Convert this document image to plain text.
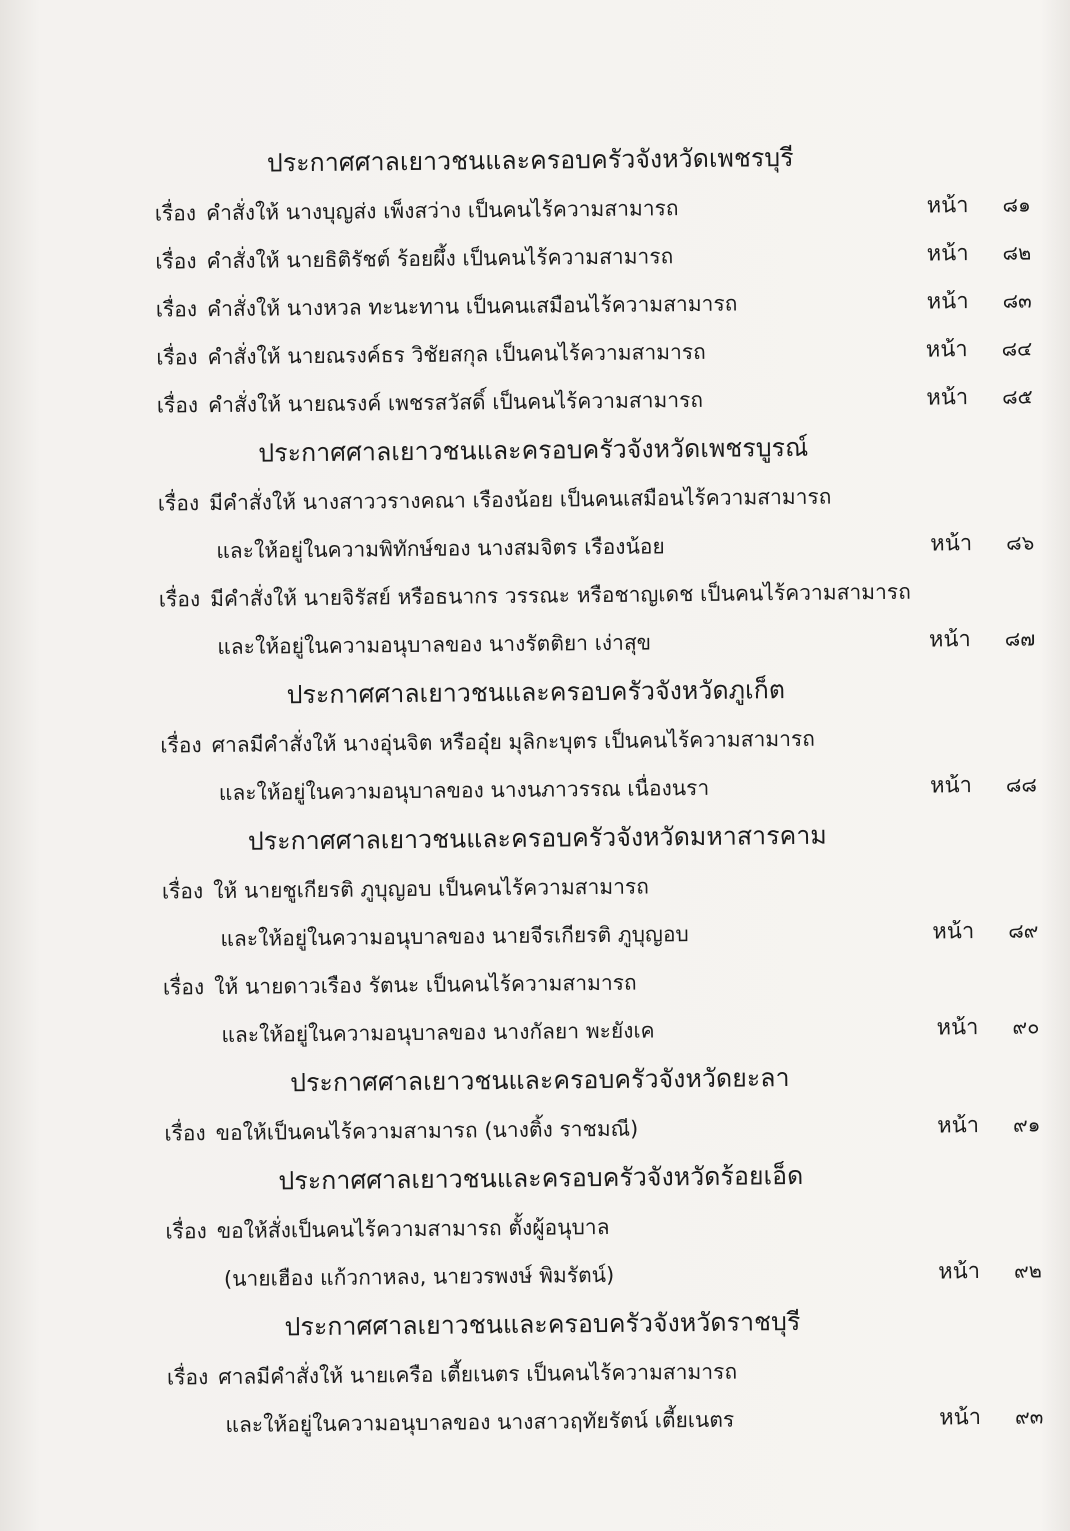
ประกาศศาลเยาวชนและครอบครัวจังหวัดเพชรบุรี
เรื่อง คำสั่งให้ นางบุญส่ง เพ็งสว่าง เป็นคนไร้ความสามารถ	หน้า ๘๑
เรื่อง คำสั่งให้ นายธิติรัชต์ ร้อยผึ้ง เป็นคนไร้ความสามารถ	หน้า ๘๒
เรื่อง คำสั่งให้ นางหวล ทะนะทาน เป็นคนเสมือนไร้ความสามารถ	หน้า ๘๓
เรื่อง คำสั่งให้ นายณรงค์ธร วิชัยสกุล เป็นคนไร้ความสามารถ	หน้า ๘๔
เรื่อง คำสั่งให้ นายณรงค์ เพชรสวัสดิ์ เป็นคนไร้ความสามารถ	หน้า ๘๕
ประกาศศาลเยาวชนและครอบครัวจังหวัดเพชรบูรณ์
เรื่อง มีคำสั่งให้ นางสาววรางคณา เรืองน้อย เป็นคนเสมือนไร้ความสามารถ
และให้อยู่ในความพิทักษ์ของ นางสมจิตร เรืองน้อย	หน้า ๘๖
เรื่อง มีคำสั่งให้ นายจิรัสย์ หรือธนากร วรรณะ หรือชาญเดช เป็นคนไร้ความสามารถ
และให้อยู่ในความอนุบาลของ นางรัตติยา เง่าสุข	หน้า ๘๗
ประกาศศาลเยาวชนและครอบครัวจังหวัดภูเก็ต
เรื่อง ศาลมีคำสั่งให้ นางอุ่นจิต หรืออุ๋ย มุลิกะบุตร เป็นคนไร้ความสามารถ
และให้อยู่ในความอนุบาลของ นางนภาวรรณ เนื่องนรา	หน้า ๘๘
ประกาศศาลเยาวชนและครอบครัวจังหวัดมหาสารคาม
เรื่อง ให้ นายชูเกียรติ ภูบุญอบ เป็นคนไร้ความสามารถ
และให้อยู่ในความอนุบาลของ นายจีรเกียรติ ภูบุญอบ	หน้า ๘๙
เรื่อง ให้ นายดาวเรือง รัตนะ เป็นคนไร้ความสามารถ
และให้อยู่ในความอนุบาลของ นางกัลยา พะยังเค	หน้า ๙๐
ประกาศศาลเยาวชนและครอบครัวจังหวัดยะลา
เรื่อง ขอให้เป็นคนไร้ความสามารถ (นางติ้ง ราชมณี)	หน้า ๙๑
ประกาศศาลเยาวชนและครอบครัวจังหวัดร้อยเอ็ด
เรื่อง ขอให้สั่งเป็นคนไร้ความสามารถ ตั้งผู้อนุบาล
(นายเฮือง แก้วกาหลง, นายวรพงษ์ พิมรัตน์)	หน้า ๙๒
ประกาศศาลเยาวชนและครอบครัวจังหวัดราชบุรี
เรื่อง ศาลมีคำสั่งให้ นายเครือ เตี้ยเนตร เป็นคนไร้ความสามารถ
และให้อยู่ในความอนุบาลของ นางสาวฤทัยรัตน์ เตี้ยเนตร	หน้า ๙๓
